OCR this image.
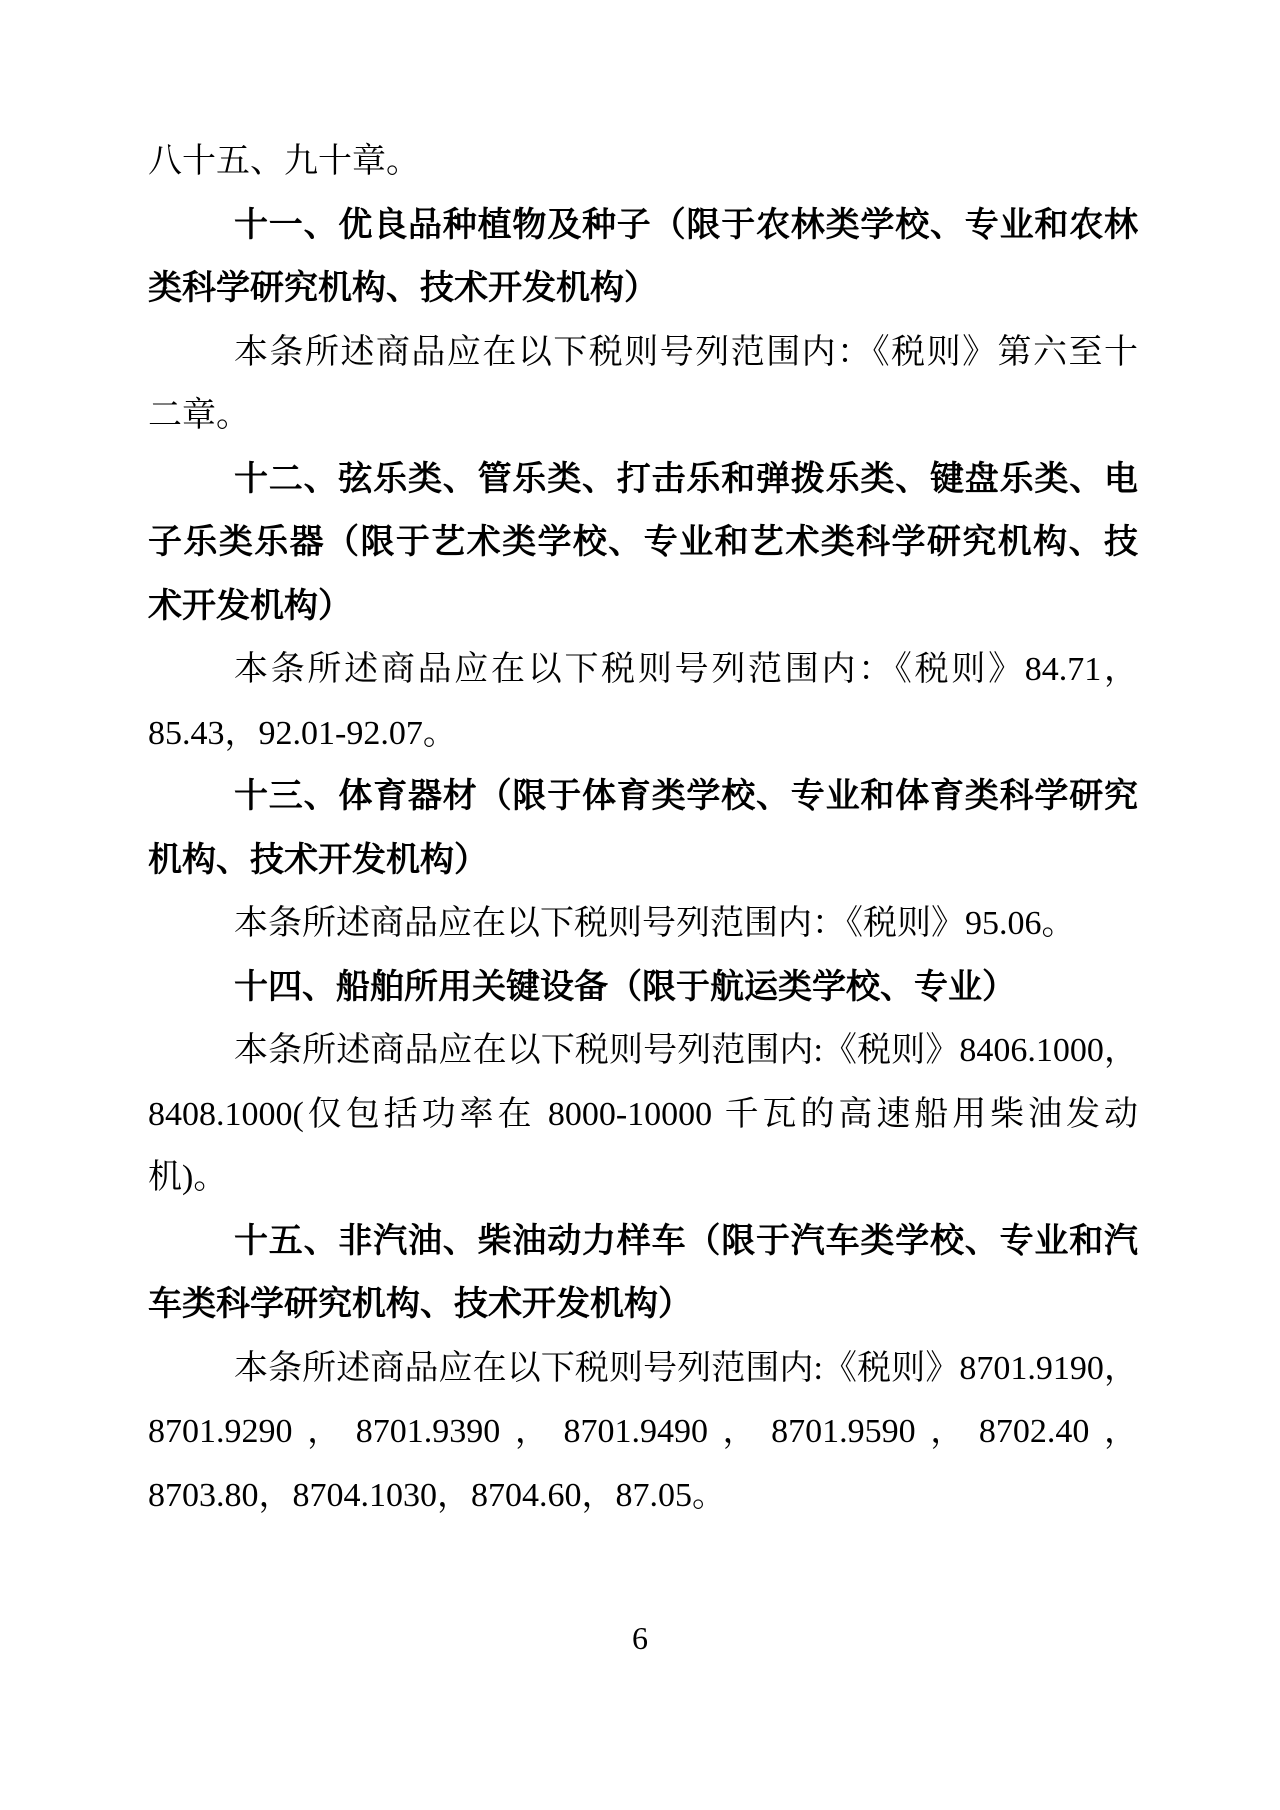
八十五、九十章。
十一、优良品种植物及种子（限于农林类学校、专业和农林
类科学研究机构、技术开发机构）
本条所述商品应在以下税则号列范围内：《税则》第六至十
二章。
十二、弦乐类、管乐类、打击乐和弹拨乐类、键盘乐类、电
子乐类乐器（限于艺术类学校、专业和艺术类科学研究机构、技
术开发机构）
本条所述商品应在以下税则号列范围内：《税则》84.71，
85.43，92.01-92.07。
十三、体育器材（限于体育类学校、专业和体育类科学研究
机构、技术开发机构）
本条所述商品应在以下税则号列范围内：《税则》95.06。
十四、船舶所用关键设备（限于航运类学校、专业）
本条所述商品应在以下税则号列范围内:《税则》8406.1000，
8408.1000(仅包括功率在 8000-10000 千瓦的高速船用柴油发动
机)。
十五、非汽油、柴油动力样车（限于汽车类学校、专业和汽
车类科学研究机构、技术开发机构）
本条所述商品应在以下税则号列范围内:《税则》8701.9190，
8701.9290，8701.9390，8701.9490，8701.9590，8702.40，
8703.80，8704.1030，8704.60，87.05。
6
